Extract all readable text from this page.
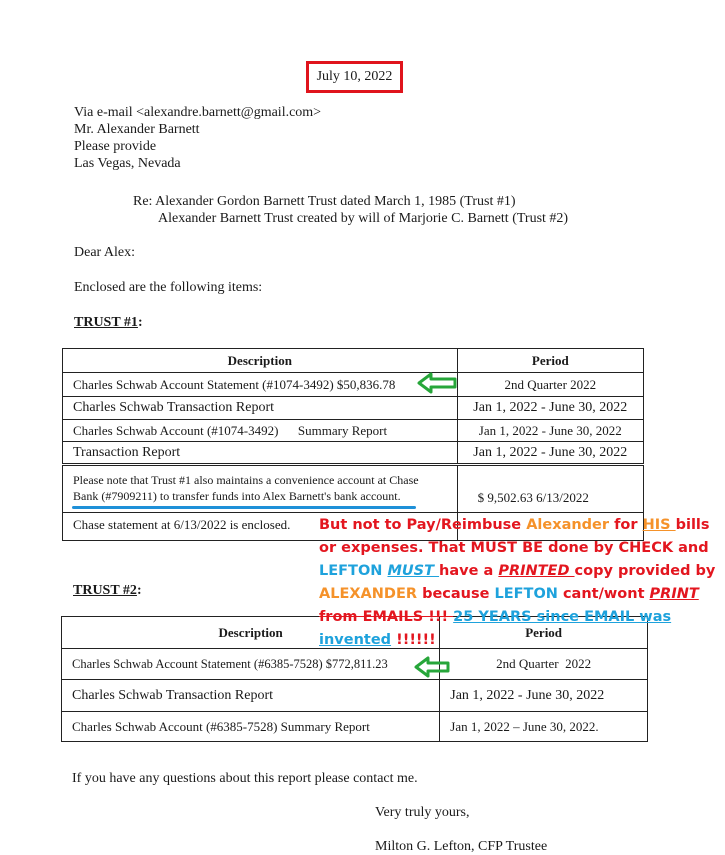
July 10, 2022
Via e-mail <alexandre.barnett@gmail.com>
Mr. Alexander Barnett
Please provide
Las Vegas, Nevada
Re: Alexander Gordon Barnett Trust dated March 1, 1985 (Trust #1)
Alexander Barnett Trust created by will of Marjorie C. Barnett (Trust #2)
Dear Alex:
Enclosed are the following items:
TRUST #1:
Description	Period
Charles Schwab Account Statement (#1074-3492) $50,836.78	2nd Quarter 2022
Charles Schwab Transaction Report	Jan 1, 2022 - June 30, 2022
Charles Schwab Account (#1074-3492)      Summary Report	Jan 1, 2022 - June 30, 2022
Transaction Report	Jan 1, 2022 - June 30, 2022

Please note that Trust #1 also maintains a convenience account at Chase
Bank (#7909211) to transfer funds into Alex Barnett's bank account.	$ 9,502.63 6/13/2022
Chase statement at 6/13/2022 is enclosed.	
TRUST #2:
Description	Period
Charles Schwab Account Statement (#6385-7528) $772,811.23	2nd Quarter  2022
Charles Schwab Transaction Report	Jan 1, 2022 - June 30, 2022
Charles Schwab Account (#6385-7528) Summary Report	Jan 1, 2022 – June 30, 2022.
But not to Pay/Reimbuse Alexander for HIS bills or expenses. That MUST BE done by CHECK and LEFTON MUST have a PRINTED copy provided by ALEXANDER because LEFTON cant/wont PRINT from EMAILS !!! 25 YEARS since EMAIL was invented !!!!!!
If you have any questions about this report please contact me.
Very truly yours,
Milton G. Lefton, CFP Trustee
